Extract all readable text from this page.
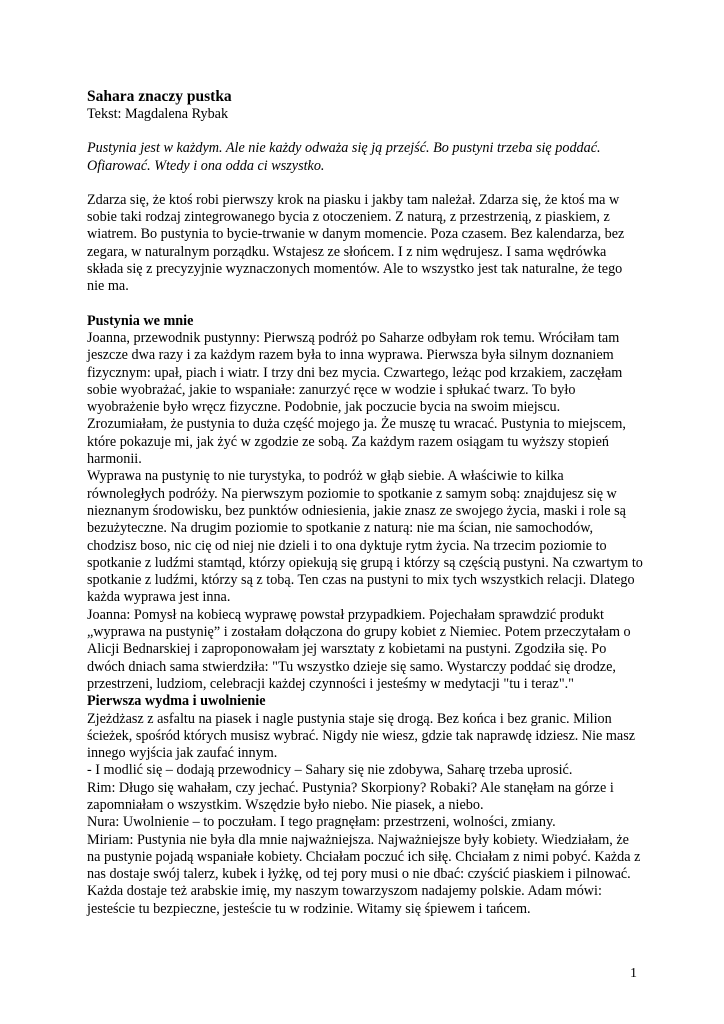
Sahara znaczy pustka

Tekst: Magdalena Rybak

Pustynia jest w każdym. Ale nie każdy odważa się ją przejść. Bo pustyni trzeba się poddać. Ofiarować. Wtedy i ona odda ci wszystko.

Zdarza się, że ktoś robi pierwszy krok na piasku i jakby tam należał. Zdarza się, że ktoś ma w sobie taki rodzaj zintegrowanego bycia z otoczeniem. Z naturą, z przestrzenią, z piaskiem, z wiatrem. Bo pustynia to bycie-trwanie w danym momencie. Poza czasem. Bez kalendarza, bez zegara, w naturalnym porządku. Wstajesz ze słońcem. I z nim wędrujesz. I sama wędrówka składa się z precyzyjnie wyznaczonych momentów. Ale to wszystko jest tak naturalne, że tego nie ma.

Pustynia we mnie

Joanna, przewodnik pustynny: Pierwszą podróż po Saharze odbyłam rok temu. Wróciłam tam jeszcze dwa razy i za każdym razem była to inna wyprawa. Pierwsza była silnym doznaniem fizycznym: upał, piach i wiatr. I trzy dni bez mycia. Czwartego, leżąc pod krzakiem, zaczęłam sobie wyobrażać, jakie to wspaniałe: zanurzyć ręce w wodzie i spłukać twarz. To było wyobrażenie było wręcz fizyczne. Podobnie, jak poczucie bycia na swoim miejscu. Zrozumiałam, że pustynia to duża część mojego ja. Że muszę tu wracać. Pustynia to miejscem, które pokazuje mi, jak żyć w zgodzie ze sobą. Za każdym razem osiągam tu wyższy stopień harmonii.

Wyprawa na pustynię to nie turystyka, to podróż w głąb siebie. A właściwie to kilka równoległych podróży. Na pierwszym poziomie to spotkanie z samym sobą: znajdujesz się w nieznanym środowisku, bez punktów odniesienia, jakie znasz ze swojego życia, maski i role są bezużyteczne. Na drugim poziomie to spotkanie z naturą: nie ma ścian, nie samochodów, chodzisz boso, nic cię od niej nie dzieli i to ona dyktuje rytm życia. Na trzecim poziomie to spotkanie z ludźmi stamtąd, którzy opiekują się grupą i którzy są częścią pustyni. Na czwartym to spotkanie z ludźmi, którzy są z tobą. Ten czas na pustyni to mix tych wszystkich relacji. Dlatego każda wyprawa jest inna.

Joanna: Pomysł na kobiecą wyprawę powstał przypadkiem. Pojechałam sprawdzić produkt „wyprawa na pustynię” i zostałam dołączona do grupy kobiet z Niemiec. Potem przeczytałam o Alicji Bednarskiej i zaproponowałam jej warsztaty z kobietami na pustyni. Zgodziła się. Po dwóch dniach sama stwierdziła: "Tu wszystko dzieje się samo. Wystarczy poddać się drodze, przestrzeni, ludziom, celebracji każdej czynności i jesteśmy w medytacji "tu i teraz"."

Pierwsza wydma i uwolnienie

Zjeżdżasz z asfaltu na piasek i nagle pustynia staje się drogą. Bez końca i bez granic. Milion ścieżek, spośród których musisz wybrać. Nigdy nie wiesz, gdzie tak naprawdę idziesz. Nie masz innego wyjścia jak zaufać innym.

- I modlić się – dodają przewodnicy – Sahary się nie zdobywa, Saharę trzeba uprosić.

Rim: Długo się wahałam, czy jechać. Pustynia? Skorpiony? Robaki? Ale stanęłam na górze i zapomniałam o wszystkim. Wszędzie było niebo. Nie piasek, a niebo.

Nura: Uwolnienie – to poczułam. I tego pragnęłam: przestrzeni, wolności, zmiany.

Miriam: Pustynia nie była dla mnie najważniejsza. Najważniejsze były kobiety. Wiedziałam, że na pustynie pojadą wspaniałe kobiety. Chciałam poczuć ich siłę. Chciałam z nimi pobyć. Każda z nas dostaje swój talerz, kubek i łyżkę, od tej pory musi o nie dbać: czyścić piaskiem i pilnować. Każda dostaje też arabskie imię, my naszym towarzyszom nadajemy polskie. Adam mówi: jesteście tu bezpieczne, jesteście tu w rodzinie. Witamy się śpiewem i tańcem.

1
